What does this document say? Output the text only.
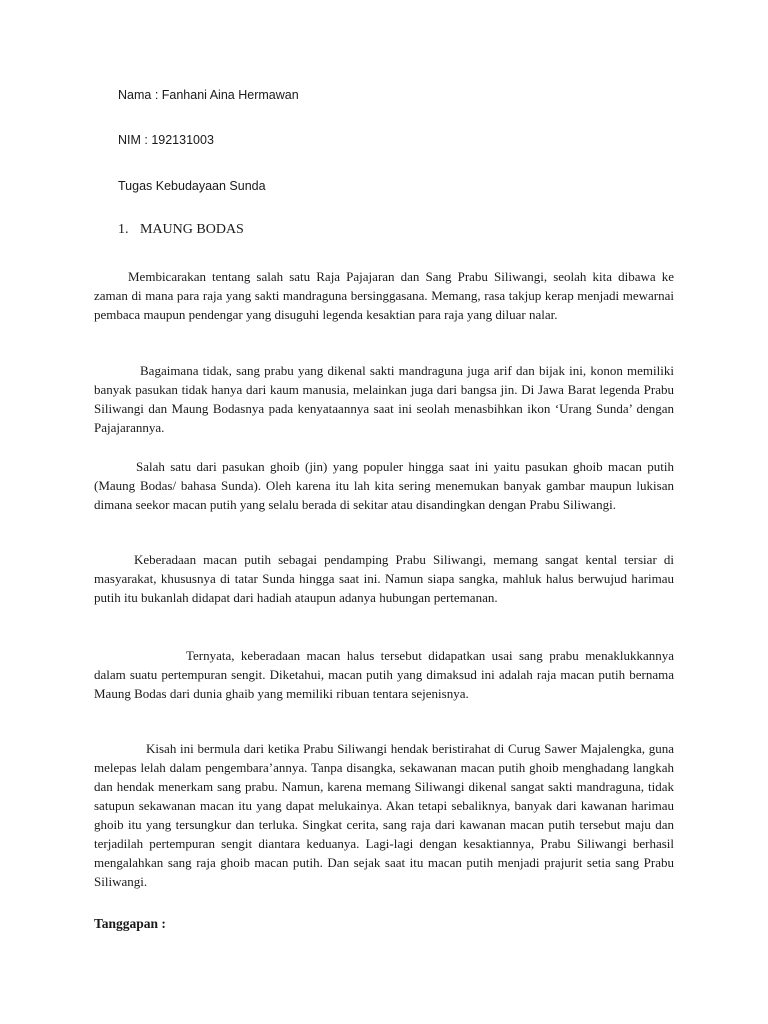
Nama : Fanhani Aina Hermawan
NIM : 192131003
Tugas Kebudayaan Sunda
1. MAUNG BODAS

Membicarakan tentang salah satu Raja Pajajaran dan Sang Prabu Siliwangi, seolah kita dibawa ke zaman di mana para raja yang sakti mandraguna bersinggasana. Memang, rasa takjup kerap menjadi mewarnai pembaca maupun pendengar yang disuguhi legenda kesaktian para raja yang diluar nalar.

Bagaimana tidak, sang prabu yang dikenal sakti mandraguna juga arif dan bijak ini, konon memiliki banyak pasukan tidak hanya dari kaum manusia, melainkan juga dari bangsa jin. Di Jawa Barat legenda Prabu Siliwangi dan Maung Bodasnya pada kenyataannya saat ini seolah menasbihkan ikon ‘Urang Sunda’ dengan Pajajarannya.

Salah satu dari pasukan ghoib (jin) yang populer hingga saat ini yaitu pasukan ghoib macan putih (Maung Bodas/ bahasa Sunda). Oleh karena itu lah kita sering menemukan banyak gambar maupun lukisan dimana seekor macan putih yang selalu berada di sekitar atau disandingkan dengan Prabu Siliwangi.

Keberadaan macan putih sebagai pendamping Prabu Siliwangi, memang sangat kental tersiar di masyarakat, khususnya di tatar Sunda hingga saat ini. Namun siapa sangka, mahluk halus berwujud harimau putih itu bukanlah didapat dari hadiah ataupun adanya hubungan pertemanan.

Ternyata, keberadaan macan halus tersebut didapatkan usai sang prabu menaklukkannya dalam suatu pertempuran sengit. Diketahui, macan putih yang dimaksud ini adalah raja macan putih bernama Maung Bodas dari dunia ghaib yang memiliki ribuan tentara sejenisnya.

Kisah ini bermula dari ketika Prabu Siliwangi hendak beristirahat di Curug Sawer Majalengka, guna melepas lelah dalam pengembara’annya. Tanpa disangka, sekawanan macan putih ghoib menghadang langkah dan hendak menerkam sang prabu. Namun, karena memang Siliwangi dikenal sangat sakti mandraguna, tidak satupun sekawanan macan itu yang dapat melukainya. Akan tetapi sebaliknya, banyak dari kawanan harimau ghoib itu yang tersungkur dan terluka. Singkat cerita, sang raja dari kawanan macan putih tersebut maju dan terjadilah pertempuran sengit diantara keduanya. Lagi-lagi dengan kesaktiannya, Prabu Siliwangi berhasil mengalahkan sang raja ghoib macan putih. Dan sejak saat itu macan putih menjadi prajurit setia sang Prabu Siliwangi.

Tanggapan :
